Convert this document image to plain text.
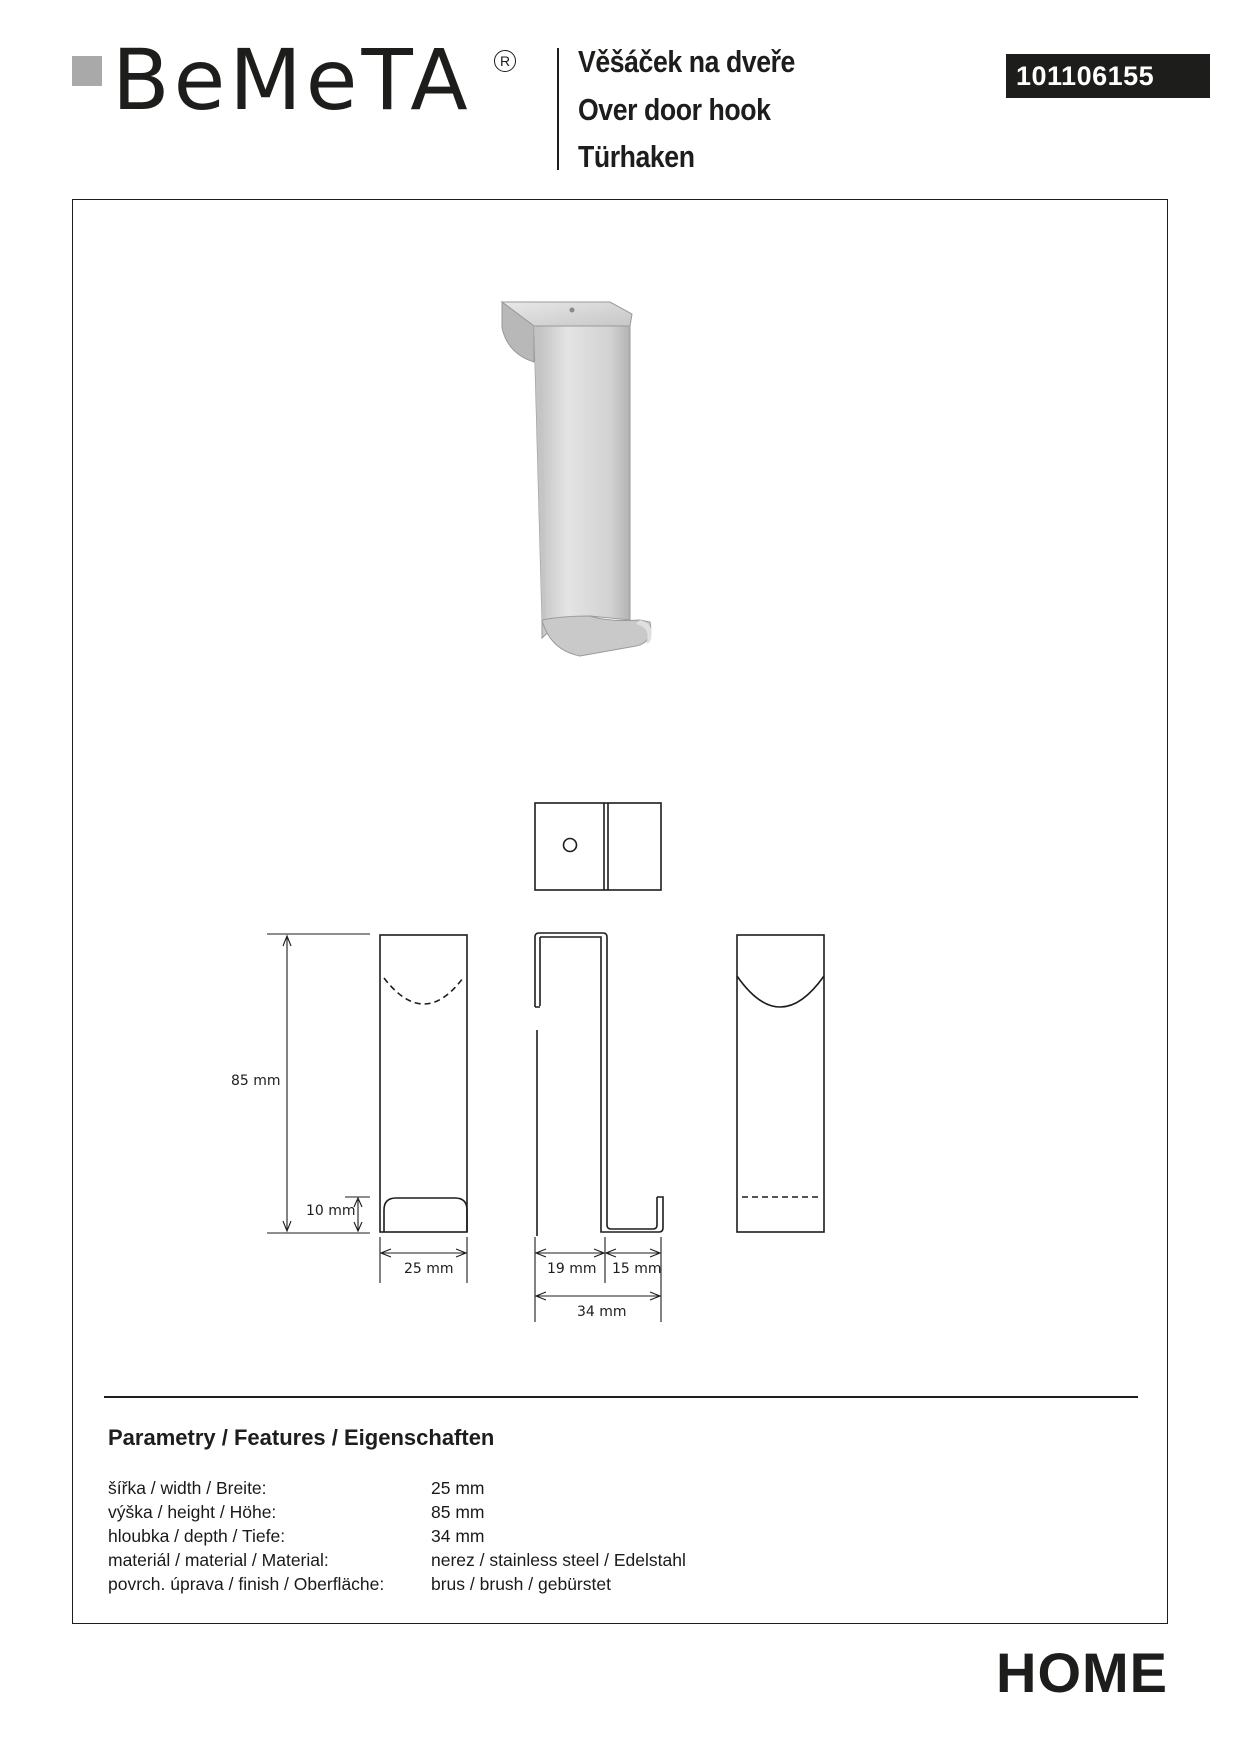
BeMeTA	R Věšáček na dveře
Over door hook
Türhaken
101106155
85 mm
10 mm
25 mm	19 mm 15 mm
34 mm
Parametry / Features / Eigenschaften
šířka / width / Breite:	25 mm
výška / height / Höhe:	85 mm
hloubka / depth / Tiefe:	34 mm
materiál / material / Material:	nerez / stainless steel / Edelstahl
povrch. úprava / finish / Oberfläche:	brus / brush / gebürstet
HOME
